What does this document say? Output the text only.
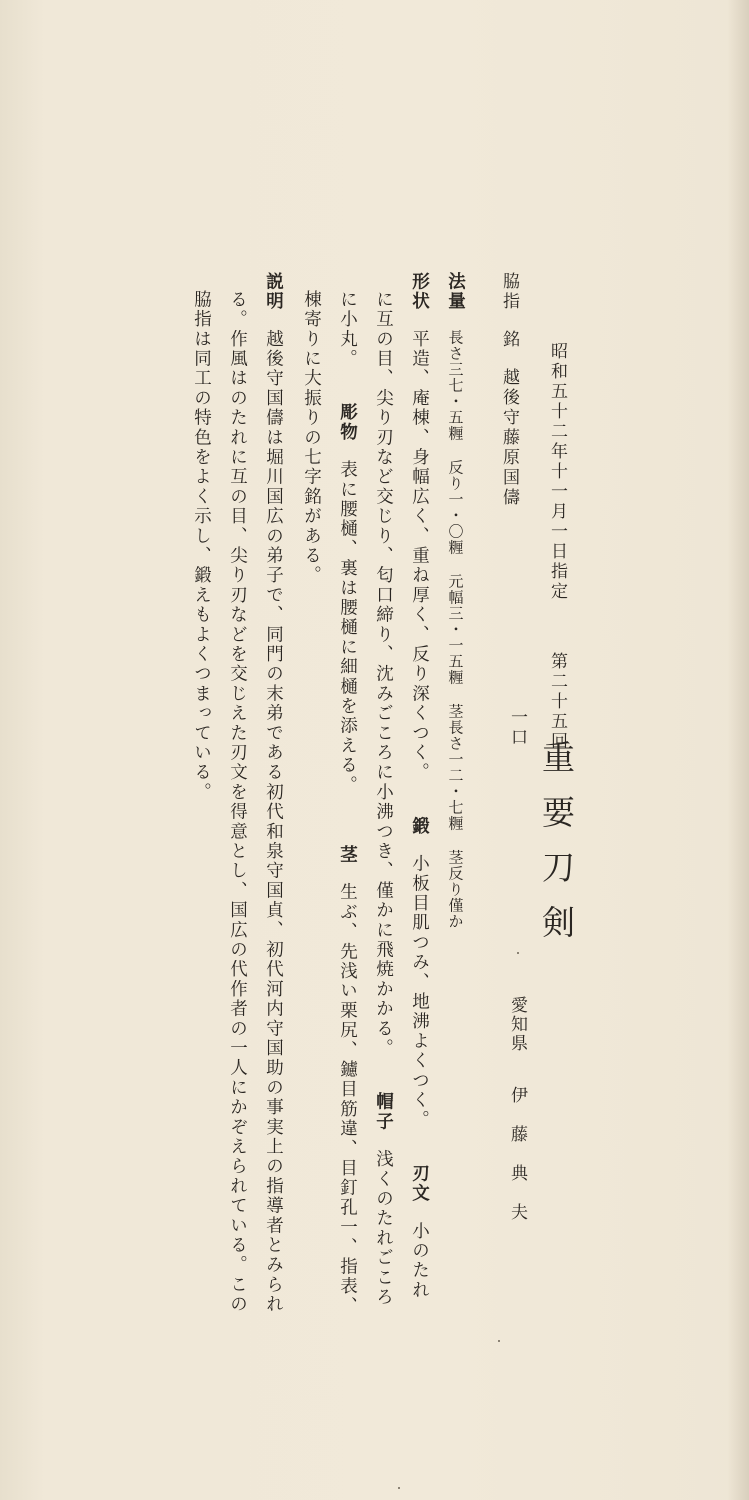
昭和五十二年十一月一日指定第二十五回
重要刀剣
一口
愛知県
伊藤典夫
脇指銘越後守藤原国儔
法量長さ三七・五糎反り一・〇糎元幅三・一五糎茎長さ一二・七糎茎反り僅か
形状平造、庵棟、身幅広く、重ね厚く、反り深くつく。鍛小板目肌つみ、地沸よくつく。刃文小のたれ
に互の目、尖り刃など交じり、匂口締り、沈みごころに小沸つき、僅かに飛焼かかる。帽子浅くのたれごころ
に小丸。彫物表に腰樋、裏は腰樋に細樋を添える。茎生ぶ、先浅い栗尻、鑢目筋違、目釘孔一、指表、
棟寄りに大振りの七字銘がある。
説明越後守国儔は堀川国広の弟子で、同門の末弟である初代和泉守国貞、初代河内守国助の事実上の指導者とみられ
る。作風はのたれに互の目、尖り刃などを交じえた刃文を得意とし、国広の代作者の一人にかぞえられている。この
脇指は同工の特色をよく示し、鍛えもよくつまっている。
